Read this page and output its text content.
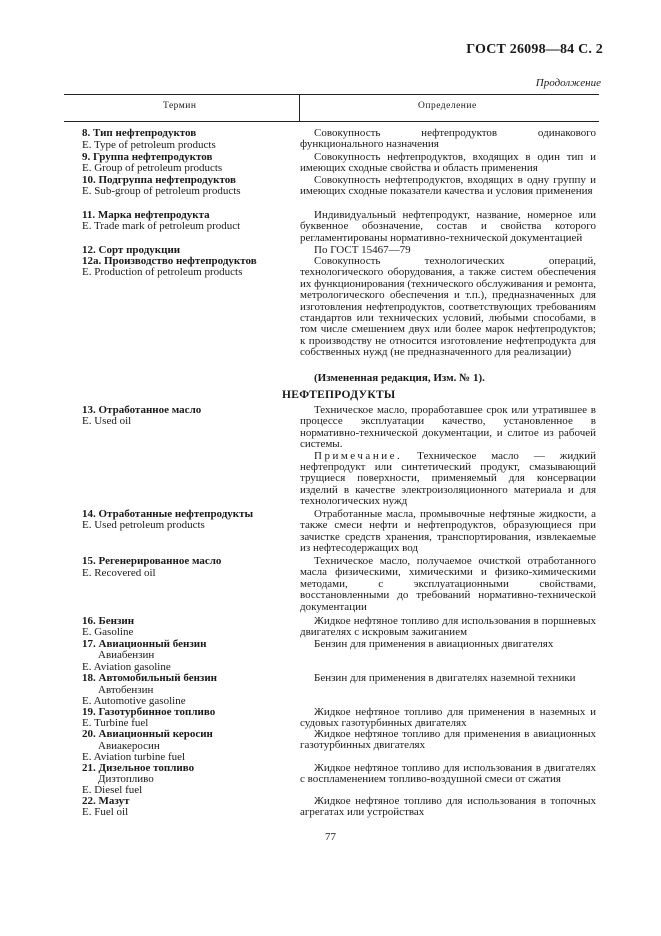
ГОСТ 26098—84 С. 2
Продолжение
Термин	Определение
8. Тип нефтепродуктов
E. Type of petroleum products
9. Группа нефтепродуктов
E. Group of petroleum products
10. Подгруппа нефтепродуктов
E. Sub-group of petroleum products
11. Марка нефтепродукта
E. Trade mark of petroleum product
12. Сорт продукции
12a. Производство нефтепродуктов
E. Production of petroleum products
13. Отработанное масло
E. Used oil
14. Отработанные нефтепродукты
E. Used petroleum products
15. Регенерированное масло
E. Recovered oil
16. Бензин
E. Gasoline
17. Авиационный бензин
Авиабензин
E. Aviation gasoline
18. Автомобильный бензин
Автобензин
E. Automotive gasoline
19. Газотурбинное топливо
E. Turbine fuel
20. Авиационный керосин
Авиакеросин
E. Aviation turbine fuel
21. Дизельное топливо
Дизтопливо
E. Diesel fuel
22. Мазут
E. Fuel oil

Совокупность нефтепродуктов одинакового функционального назначения

Совокупность нефтепродуктов, входящих в один тип и имеющих сходные свойства и область применения

Совокупность нефтепродуктов, входящих в одну группу и имеющих сходные показатели качества и условия применения

Индивидуальный нефтепродукт, название, номерное или буквенное обозначение, состав и свойства которого регламентированы нормативно-технической документацией

По ГОСТ 15467—79

Совокупность технологических операций, технологического оборудования, а также систем обеспечения их функционирования (технического обслуживания и ремонта, метрологического обеспечения и т.п.), предназначенных для изготовления нефтепродуктов, соответствующих требованиям стандартов или технических условий, любыми способами, в том числе смешением двух или более марок нефтепродуктов; к производству не относится изготовление нефтепродукта для собственных нужд (не предназначенного для реализации)

(Измененная редакция, Изм. № 1).

НЕФТЕПРОДУКТЫ

Техническое масло, проработавшее срок или утратившее в процессе эксплуатации качество, установленное в нормативно-технической документации, и слитое из рабочей системы.

Примечание. Техническое масло — жидкий нефтепродукт или синтетический продукт, смазывающий трущиеся поверхности, применяемый для консервации изделий в качестве электроизоляционного материала и для технологических нужд

Отработанные масла, промывочные нефтяные жидкости, а также смеси нефти и нефтепродуктов, образующиеся при зачистке средств хранения, транспортирования, извлекаемые из нефтесодержащих вод

Техническое масло, получаемое очисткой отработанного масла физическими, химическими и физико-химическими методами, с эксплуатационными свойствами, восстановленными до требований нормативно-технической документации

Жидкое нефтяное топливо для использования в поршневых двигателях с искровым зажиганием

Бензин для применения в авиационных двигателях

Бензин для применения в двигателях наземной техники

Жидкое нефтяное топливо для применения в наземных и судовых газотурбинных двигателях

Жидкое нефтяное топливо для применения в авиационных газотурбинных двигателях

Жидкое нефтяное топливо для использования в двигателях с воспламенением топливо-воздушной смеси от сжатия

Жидкое нефтяное топливо для использования в топочных агрегатах или устройствах

77
